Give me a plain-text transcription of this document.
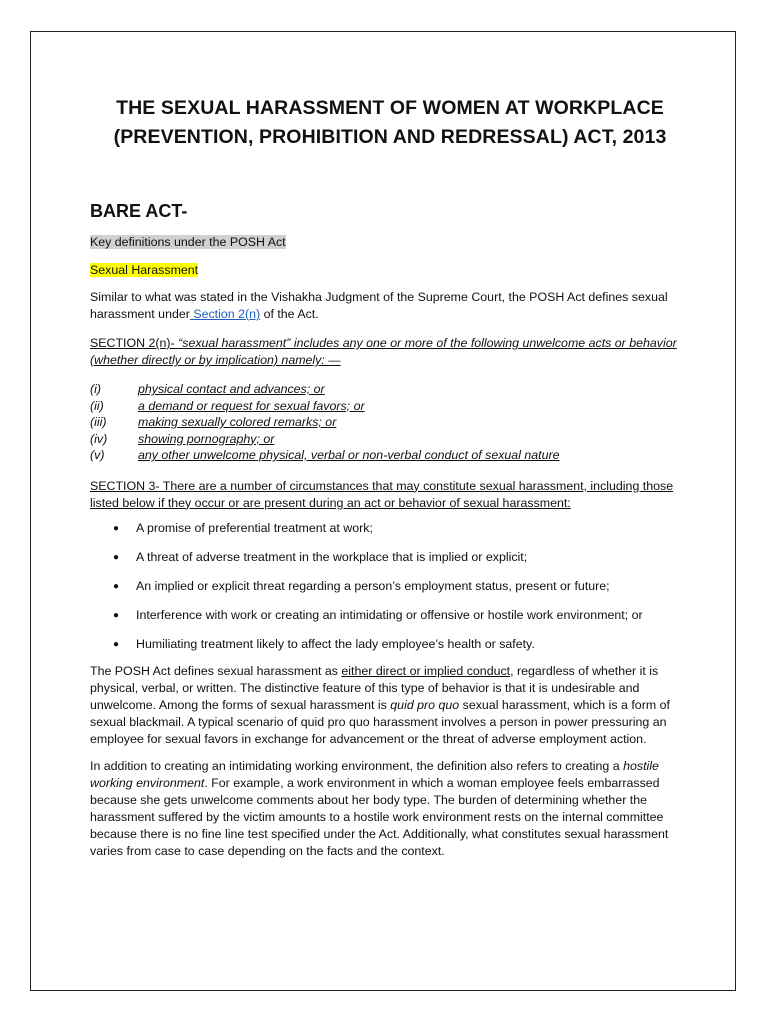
THE SEXUAL HARASSMENT OF WOMEN AT WORKPLACE
(PREVENTION, PROHIBITION AND REDRESSAL) ACT, 2013
BARE ACT-

Key definitions under the POSH Act

Sexual Harassment

Similar to what was stated in the Vishakha Judgment of the Supreme Court, the POSH Act defines sexual harassment under Section 2(n) of the Act.

SECTION 2(n)- “sexual harassment” includes any one or more of the following unwelcome acts or behavior (whether directly or by implication) namely: —

(i)	physical contact and advances; or
(ii)	a demand or request for sexual favors; or
(iii)	making sexually colored remarks; or
(iv)	showing pornography; or
(v)	any other unwelcome physical, verbal or non-verbal conduct of sexual nature

SECTION 3- There are a number of circumstances that may constitute sexual harassment, including those listed below if they occur or are present during an act or behavior of sexual harassment:

●	A promise of preferential treatment at work;
●	A threat of adverse treatment in the workplace that is implied or explicit;
●	An implied or explicit threat regarding a person’s employment status, present or future;
●	Interference with work or creating an intimidating or offensive or hostile work environment; or
●	Humiliating treatment likely to affect the lady employee’s health or safety.

The POSH Act defines sexual harassment as either direct or implied conduct, regardless of whether it is physical, verbal, or written. The distinctive feature of this type of behavior is that it is undesirable and unwelcome. Among the forms of sexual harassment is quid pro quo sexual harassment, which is a form of sexual blackmail. A typical scenario of quid pro quo harassment involves a person in power pressuring an employee for sexual favors in exchange for advancement or the threat of adverse employment action.

In addition to creating an intimidating working environment, the definition also refers to creating a hostile working environment. For example, a work environment in which a woman employee feels embarrassed because she gets unwelcome comments about her body type. The burden of determining whether the harassment suffered by the victim amounts to a hostile work environment rests on the internal committee because there is no fine line test specified under the Act. Additionally, what constitutes sexual harassment varies from case to case depending on the facts and the context.
